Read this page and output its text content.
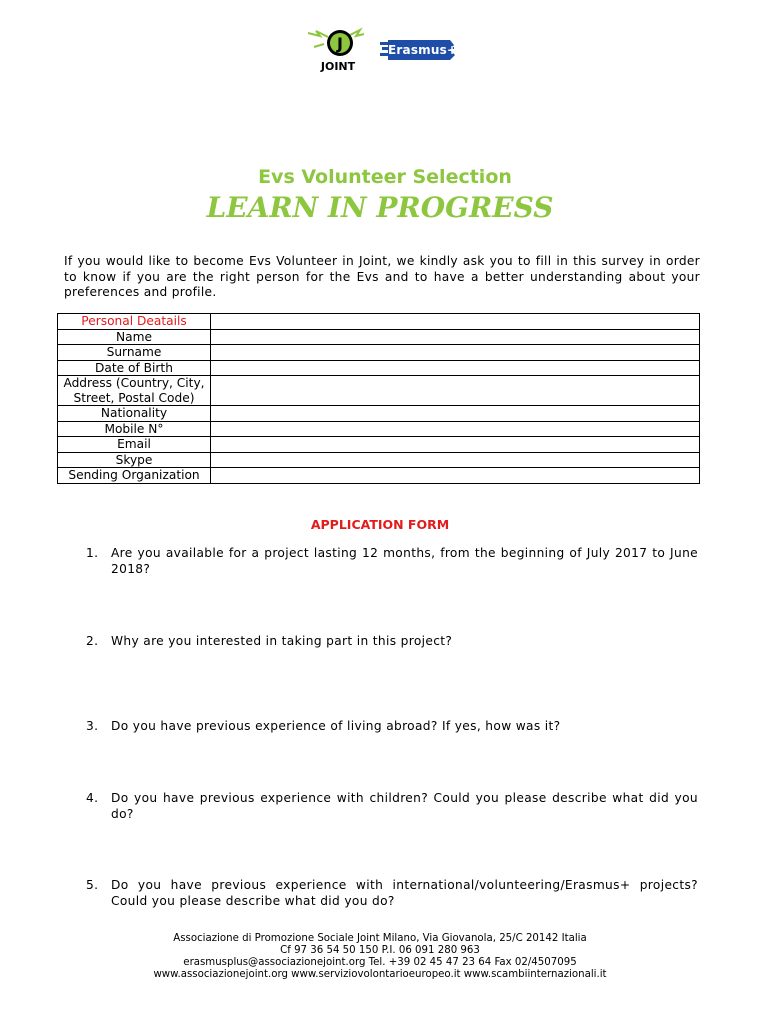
J
JOINT
Erasmus+
Evs Volunteer Selection
LEARN IN PROGRESS
If you would like to become Evs Volunteer in Joint, we kindly ask you to fill in this survey in order to know if you are the right person for the Evs and to have a better understanding about your preferences and profile.
Personal Deatails	
Name	
Surname	
Date of Birth	
Address (Country, City, Street, Postal Code)	
Nationality	
Mobile N°	
Email	
Skype	
Sending Organization	
APPLICATION FORM
1. Are you available for a project lasting 12 months, from the beginning of July 2017 to June 2018?
2. Why are you interested in taking part in this project?
3. Do you have previous experience of living abroad? If yes, how was it?
4. Do you have previous experience with children? Could you please describe what did you do?
5. Do you have previous experience with international/volunteering/Erasmus+ projects? Could you please describe what did you do?
Associazione di Promozione Sociale Joint Milano, Via Giovanola, 25/C 20142 Italia
Cf 97 36 54 50 150 P.I. 06 091 280 963
erasmusplus@associazionejoint.org Tel. +39 02 45 47 23 64 Fax 02/4507095
www.associazionejoint.org www.serviziovolontarioeuropeo.it www.scambiinternazionali.it
